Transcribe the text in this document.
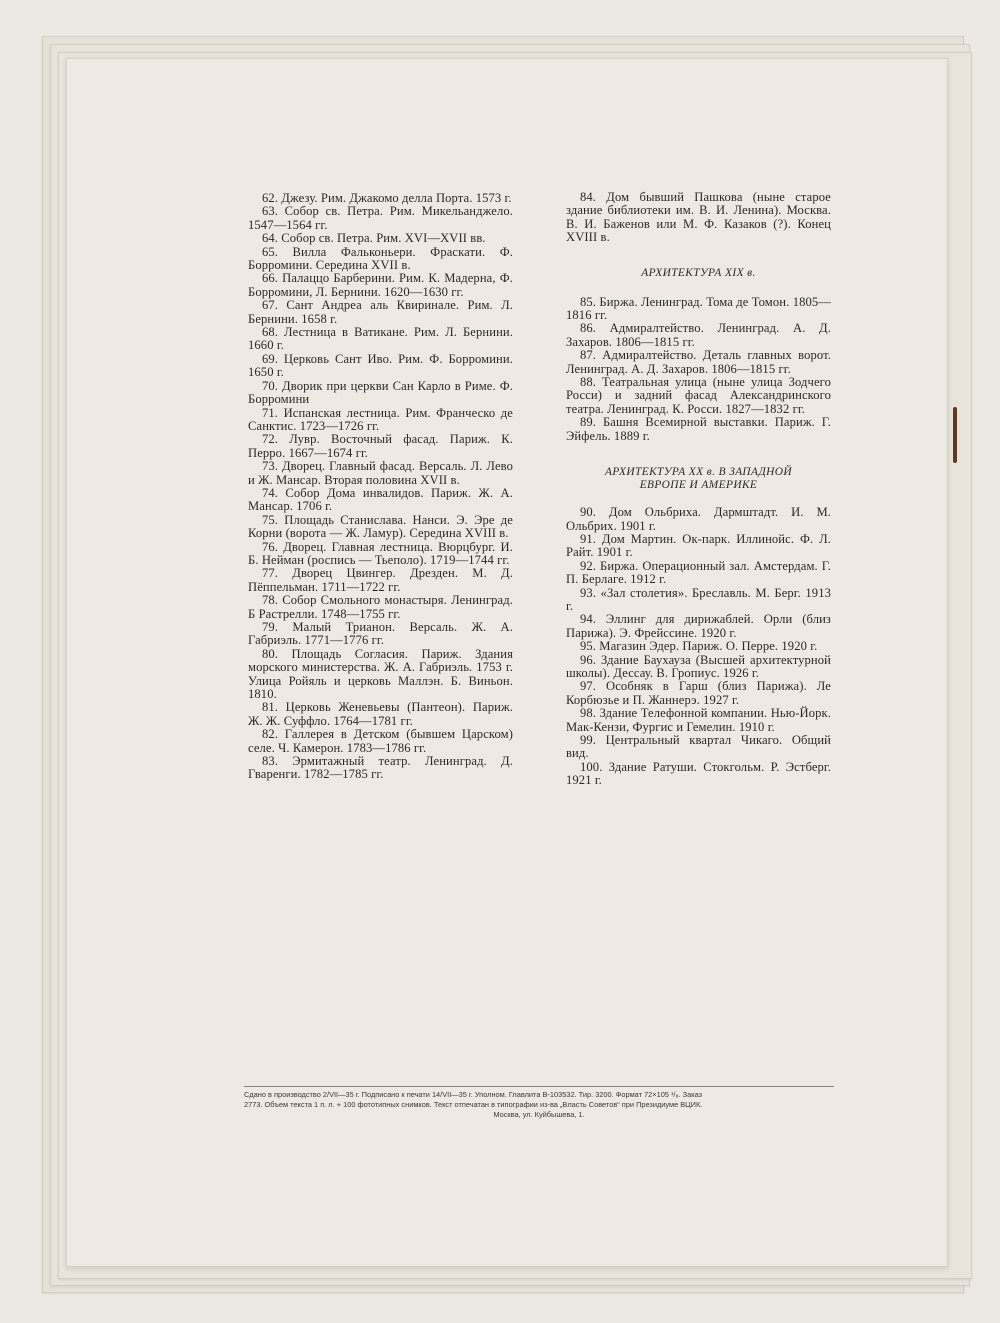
62. Джезу. Рим. Джакомо делла Порта. 1573 г.

63. Собор св. Петра. Рим. Микельанджело. 1547—1564 гг.

64. Собор св. Петра. Рим. XVI—XVII вв.

65. Вилла Фальконьери. Фраскати. Ф. Борромини. Середина XVII в.

66. Палаццо Барберини. Рим. К. Мадерна, Ф. Борромини, Л. Бернини. 1620—1630 гг.

67. Сант Андреа аль Квиринале. Рим. Л. Бернини. 1658 г.

68. Лестница в Ватикане. Рим. Л. Бернини. 1660 г.

69. Церковь Сант Иво. Рим. Ф. Борромини. 1650 г.

70. Дворик при церкви Сан Карло в Риме. Ф. Борромини

71. Испанская лестница. Рим. Франческо де Санктис. 1723—1726 гг.

72. Лувр. Восточный фасад. Париж. К. Перро. 1667—1674 гг.

73. Дворец. Главный фасад. Версаль. Л. Лево и Ж. Мансар. Вторая половина XVII в.

74. Собор Дома инвалидов. Париж. Ж. А. Мансар. 1706 г.

75. Площадь Станислава. Нанси. Э. Эре де Корни (ворота — Ж. Ламур). Середина XVIII в.

76. Дворец. Главная лестница. Вюрцбург. И. Б. Нейман (роспись — Тьеполо). 1719—1744 гг.

77. Дворец Цвингер. Дрезден. М. Д. Пёппельман. 1711—1722 гг.

78. Собор Смольного монастыря. Ленинград. Б Растрелли. 1748—1755 гг.

79. Малый Трианон. Версаль. Ж. А. Габриэль. 1771—1776 гг.

80. Площадь Согласия. Париж. Здания морского министерства. Ж. А. Габриэль. 1753 г. Улица Ройяль и церковь Маллэн. Б. Виньон. 1810.

81. Церковь Женевьевы (Пантеон). Париж. Ж. Ж. Суффло. 1764—1781 гг.

82. Галлерея в Детском (бывшем Царском) селе. Ч. Камерон. 1783—1786 гг.

83. Эрмитажный театр. Ленинград. Д. Гваренги. 1782—1785 гг.

84. Дом бывший Пашкова (ныне старое здание библиотеки им. В. И. Ленина). Москва. В. И. Баженов или М. Ф. Казаков (?). Конец XVIII в.

АРХИТЕКТУРА XIX в.

85. Биржа. Ленинград. Тома де Томон. 1805—1816 гг.

86. Адмиралтейство. Ленинград. А. Д. Захаров. 1806—1815 гг.

87. Адмиралтейство. Деталь главных ворот. Ленинград. А. Д. Захаров. 1806—1815 гг.

88. Театральная улица (ныне улица Зодчего Росси) и задний фасад Александринского театра. Ленинград. К. Росси. 1827—1832 гг.

89. Башня Всемирной выставки. Париж. Г. Эйфель. 1889 г.

АРХИТЕКТУРА XX в. В ЗАПАДНОЙ
ЕВРОПЕ И АМЕРИКЕ

90. Дом Ольбриха. Дармштадт. И. М. Ольбрих. 1901 г.

91. Дом Мартин. Ок-парк. Иллинойс. Ф. Л. Райт. 1901 г.

92. Биржа. Операционный зал. Амстердам. Г. П. Берлаге. 1912 г.

93. «Зал столетия». Бреславль. М. Берг. 1913 г.

94. Эллинг для дирижаблей. Орли (близ Парижа). Э. Фрейссине. 1920 г.

95. Магазин Эдер. Париж. О. Перре. 1920 г.

96. Здание Баухауза (Высшей архитектурной школы). Дессау. В. Гропиус. 1926 г.

97. Особняк в Гарш (близ Парижа). Ле Корбюзье и П. Жаннерэ. 1927 г.

98. Здание Телефонной компании. Нью-Йорк. Мак-Кензи, Фургис и Гемелин. 1910 г.

99. Центральный квартал Чикаго. Общий вид.

100. Здание Ратуши. Стокгольм. Р. Эстберг. 1921 г.

Сдано в производство 2/VII—35 г. Подписано к печати 14/VII—35 г. Уполном. Главлита В-103532. Тир. 3200. Формат 72×105 ¹/₈. Заказ
2773. Объем текста 1 п. л. + 100 фототипных снимков. Текст отпечатан в типографии из-ва „Власть Советов“ при Президиуме ВЦИК.
Москва, ул. Куйбышева, 1.
